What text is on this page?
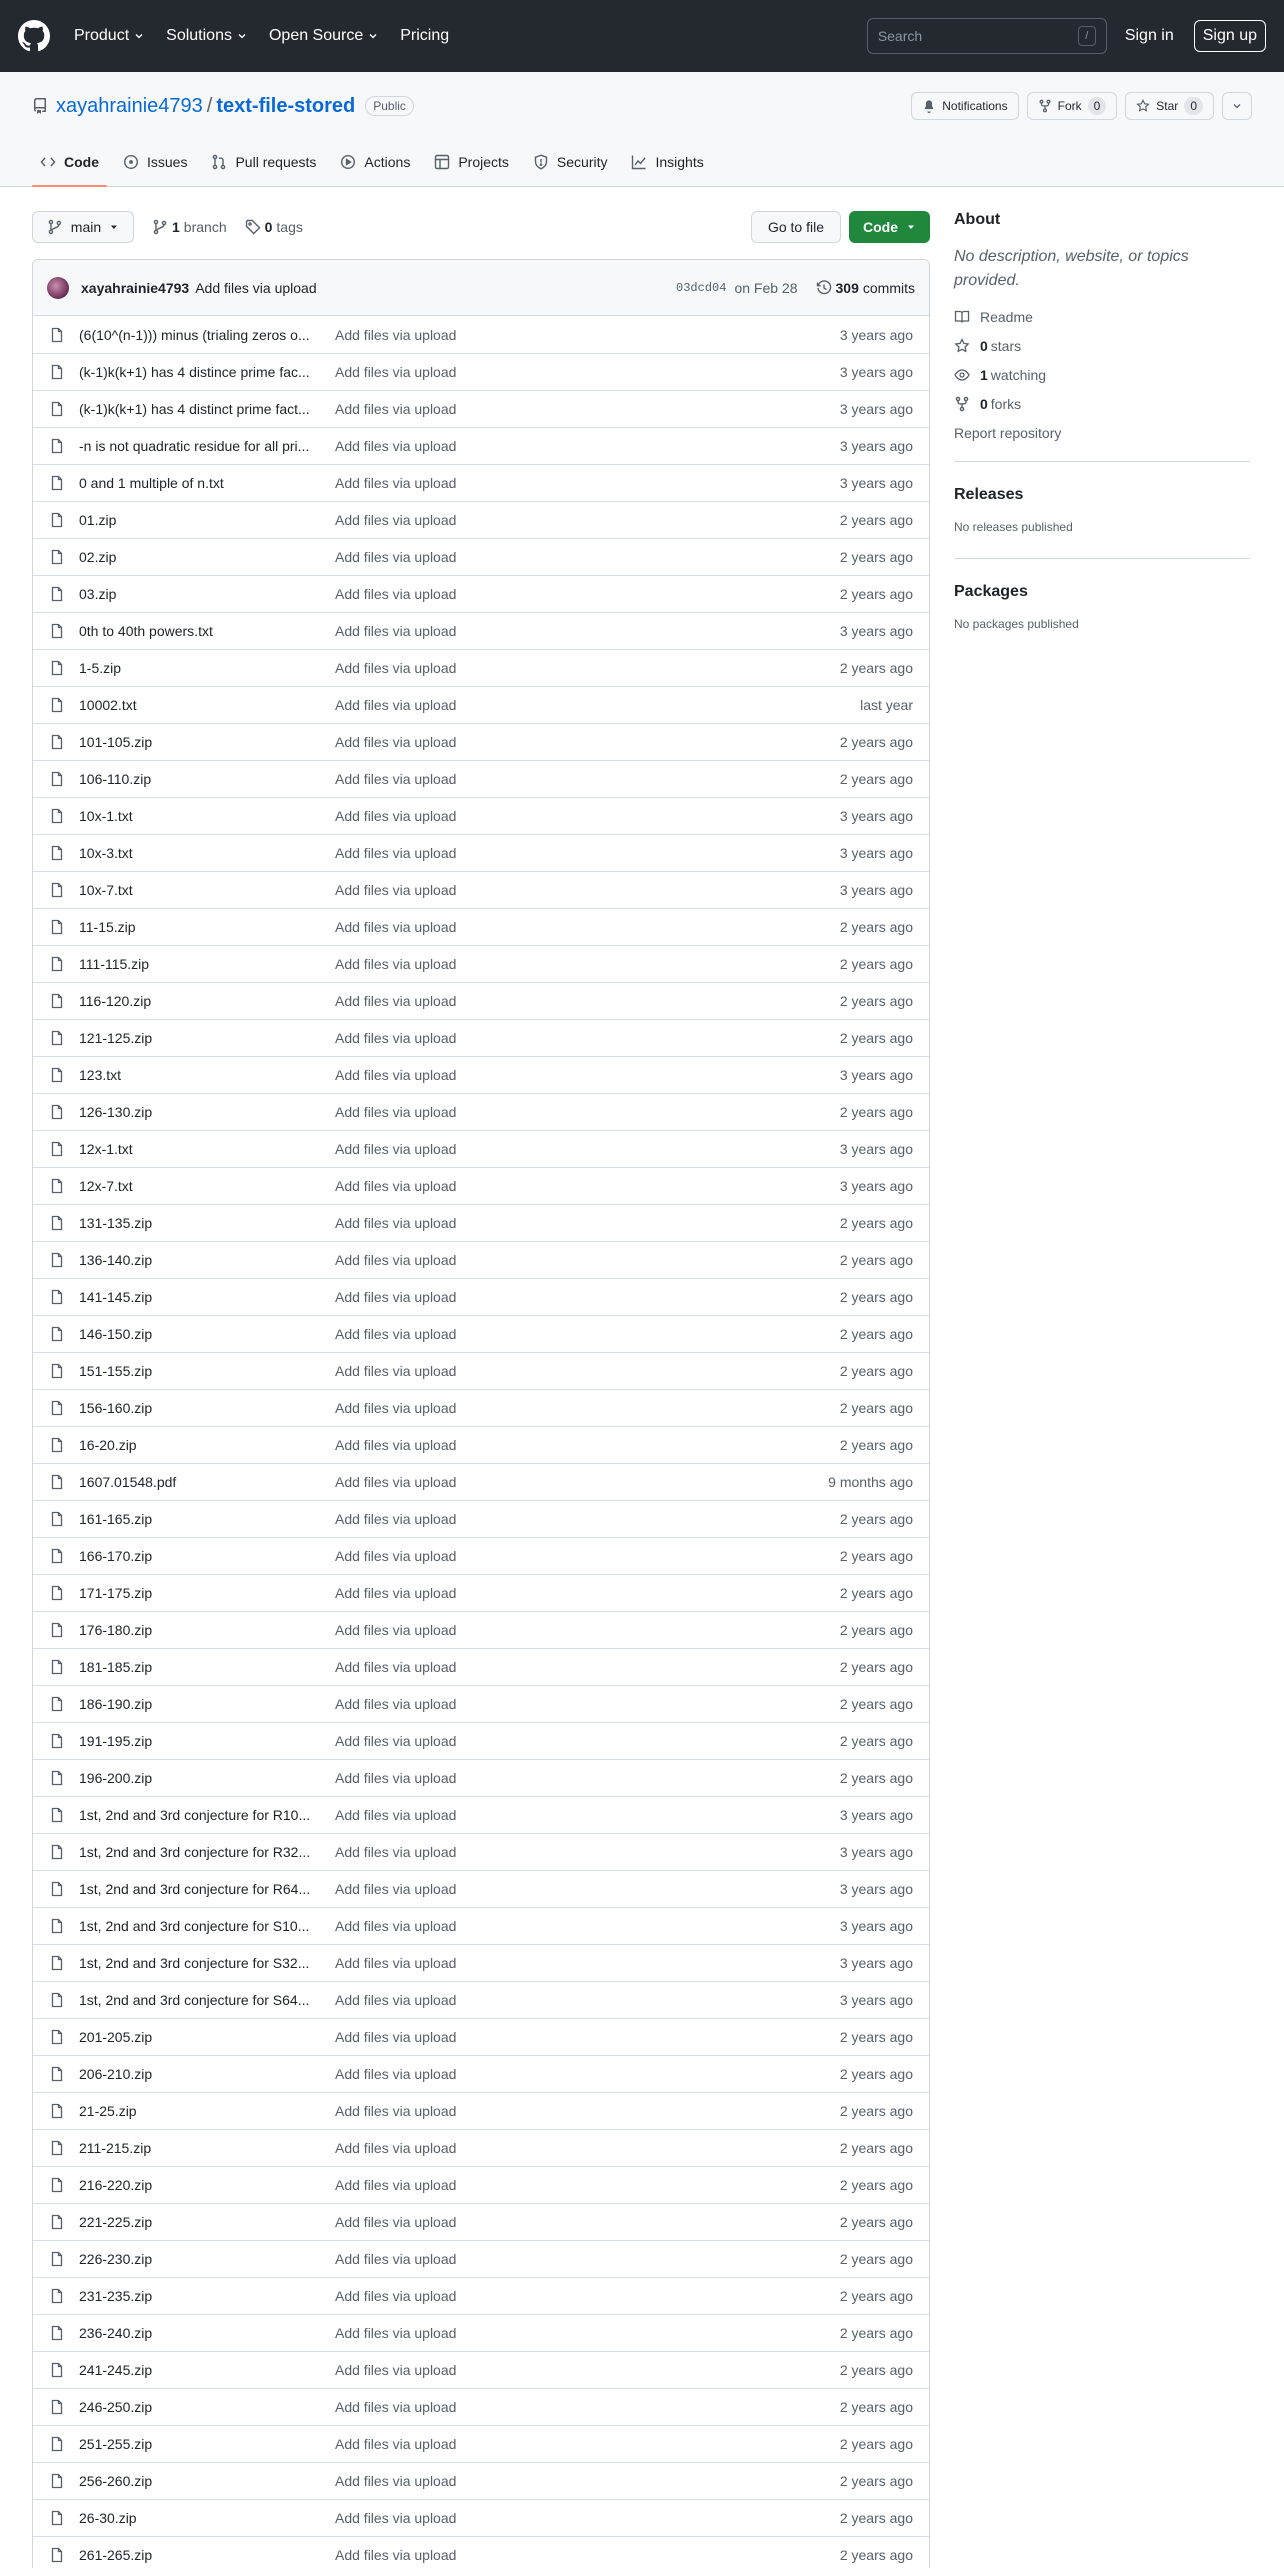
Product Solutions Open Source Pricing	Search	/	Sign in	Sign up
xayahrainie4793 / text-file-stored	Public	Notifications	Fork	0	Star	0
Code	Issues	Pull requests	Actions	Projects	Security	Insights
main	1 branch	0 tags	Go to file	Code
xayahrainie4793 Add files via upload	03dcd04 on Feb 28	309 commits
(6(10^(n-1))) minus (trialing zeros o...	Add files via upload	3 years ago
(k-1)k(k+1) has 4 distince prime fac...	Add files via upload	3 years ago
(k-1)k(k+1) has 4 distinct prime fact...	Add files via upload	3 years ago
-n is not quadratic residue for all pri...	Add files via upload	3 years ago
0 and 1 multiple of n.txt	Add files via upload	3 years ago
01.zip	Add files via upload	2 years ago
02.zip	Add files via upload	2 years ago
03.zip	Add files via upload	2 years ago
0th to 40th powers.txt	Add files via upload	3 years ago
1-5.zip	Add files via upload	2 years ago
10002.txt	Add files via upload	last year
101-105.zip	Add files via upload	2 years ago
106-110.zip	Add files via upload	2 years ago
10x-1.txt	Add files via upload	3 years ago
10x-3.txt	Add files via upload	3 years ago
10x-7.txt	Add files via upload	3 years ago
11-15.zip	Add files via upload	2 years ago
111-115.zip	Add files via upload	2 years ago
116-120.zip	Add files via upload	2 years ago
121-125.zip	Add files via upload	2 years ago
123.txt	Add files via upload	3 years ago
126-130.zip	Add files via upload	2 years ago
12x-1.txt	Add files via upload	3 years ago
12x-7.txt	Add files via upload	3 years ago
131-135.zip	Add files via upload	2 years ago
136-140.zip	Add files via upload	2 years ago
141-145.zip	Add files via upload	2 years ago
146-150.zip	Add files via upload	2 years ago
151-155.zip	Add files via upload	2 years ago
156-160.zip	Add files via upload	2 years ago
16-20.zip	Add files via upload	2 years ago
1607.01548.pdf	Add files via upload	9 months ago
161-165.zip	Add files via upload	2 years ago
166-170.zip	Add files via upload	2 years ago
171-175.zip	Add files via upload	2 years ago
176-180.zip	Add files via upload	2 years ago
181-185.zip	Add files via upload	2 years ago
186-190.zip	Add files via upload	2 years ago
191-195.zip	Add files via upload	2 years ago
196-200.zip	Add files via upload	2 years ago
1st, 2nd and 3rd conjecture for R10...	Add files via upload	3 years ago
1st, 2nd and 3rd conjecture for R32...	Add files via upload	3 years ago
1st, 2nd and 3rd conjecture for R64...	Add files via upload	3 years ago
1st, 2nd and 3rd conjecture for S10...	Add files via upload	3 years ago
1st, 2nd and 3rd conjecture for S32...	Add files via upload	3 years ago
1st, 2nd and 3rd conjecture for S64...	Add files via upload	3 years ago
201-205.zip	Add files via upload	2 years ago
206-210.zip	Add files via upload	2 years ago
21-25.zip	Add files via upload	2 years ago
211-215.zip	Add files via upload	2 years ago
216-220.zip	Add files via upload	2 years ago
221-225.zip	Add files via upload	2 years ago
226-230.zip	Add files via upload	2 years ago
231-235.zip	Add files via upload	2 years ago
236-240.zip	Add files via upload	2 years ago
241-245.zip	Add files via upload	2 years ago
246-250.zip	Add files via upload	2 years ago
251-255.zip	Add files via upload	2 years ago
256-260.zip	Add files via upload	2 years ago
26-30.zip	Add files via upload	2 years ago
261-265.zip	Add files via upload	2 years ago
About

No description, website, or topics provided.

Readme
0 stars
1 watching
0 forks
Report repository
Releases

No releases published

Packages

No packages published
